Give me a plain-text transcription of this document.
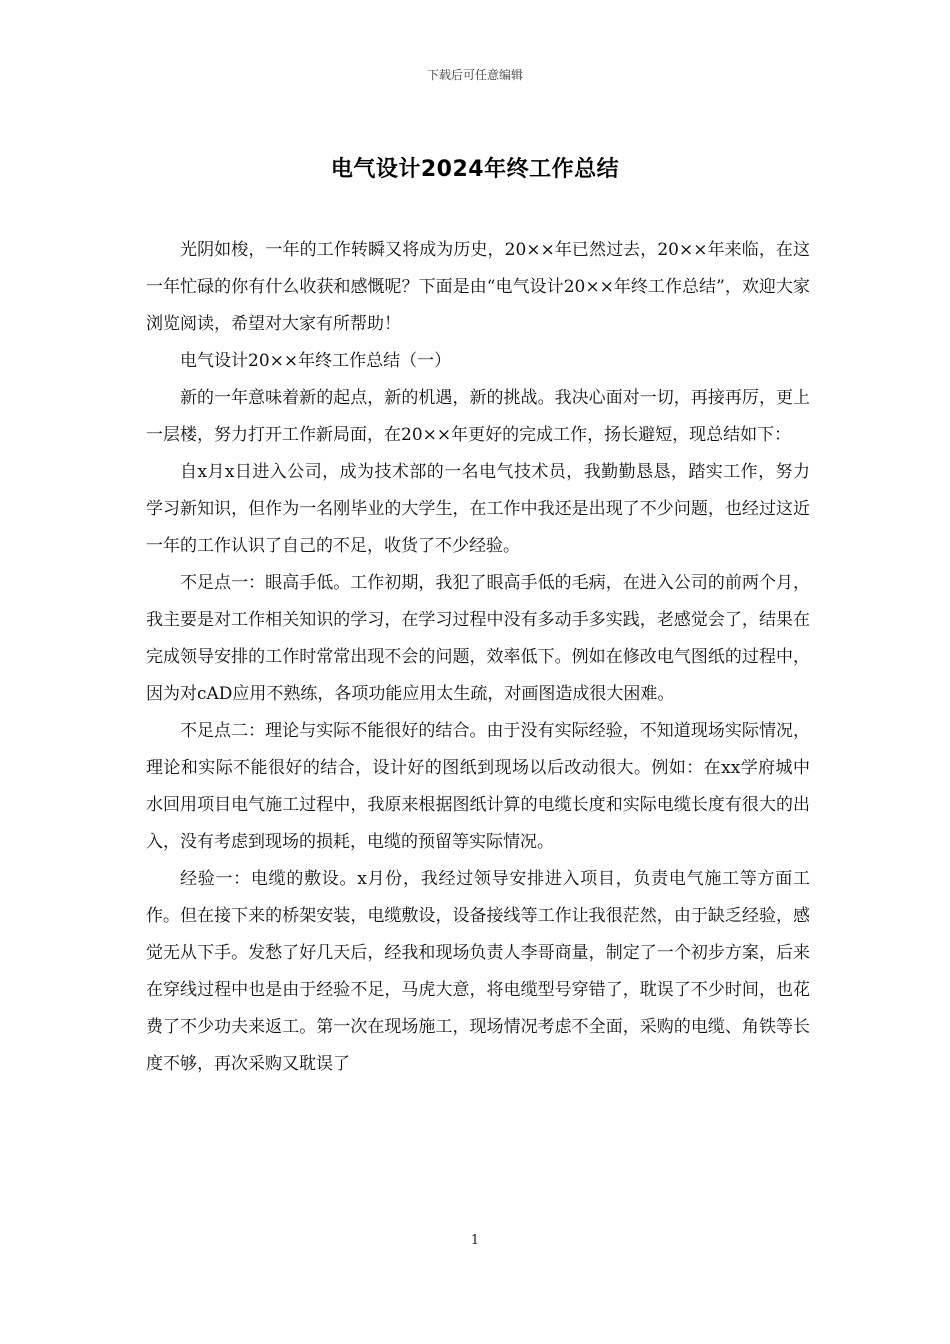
下载后可任意编辑
电气设计2024年终工作总结

光阴如梭，一年的工作转瞬又将成为历史，20××年已然过去，20××年来临，在这一年忙碌的你有什么收获和感慨呢？下面是由“电气设计20××年终工作总结”，欢迎大家浏览阅读，希望对大家有所帮助！

电气设计20××年终工作总结（一）

新的一年意味着新的起点，新的机遇，新的挑战。我决心面对一切，再接再厉，更上一层楼，努力打开工作新局面，在20××年更好的完成工作，扬长避短，现总结如下：

自x月x日进入公司，成为技术部的一名电气技术员，我勤勤恳恳，踏实工作，努力学习新知识，但作为一名刚毕业的大学生，在工作中我还是出现了不少问题，也经过这近一年的工作认识了自己的不足，收货了不少经验。

不足点一：眼高手低。工作初期，我犯了眼高手低的毛病，在进入公司的前两个月，我主要是对工作相关知识的学习，在学习过程中没有多动手多实践，老感觉会了，结果在完成领导安排的工作时常常出现不会的问题，效率低下。例如在修改电气图纸的过程中，因为对cAD应用不熟练，各项功能应用太生疏，对画图造成很大困难。

不足点二：理论与实际不能很好的结合。由于没有实际经验，不知道现场实际情况，理论和实际不能很好的结合，设计好的图纸到现场以后改动很大。例如：在xx学府城中水回用项目电气施工过程中，我原来根据图纸计算的电缆长度和实际电缆长度有很大的出入，没有考虑到现场的损耗，电缆的预留等实际情况。

经验一：电缆的敷设。x月份，我经过领导安排进入项目，负责电气施工等方面工作。但在接下来的桥架安装，电缆敷设，设备接线等工作让我很茫然，由于缺乏经验，感觉无从下手。发愁了好几天后，经我和现场负责人李哥商量，制定了一个初步方案，后来在穿线过程中也是由于经验不足，马虎大意，将电缆型号穿错了，耽误了不少时间，也花费了不少功夫来返工。第一次在现场施工，现场情况考虑不全面，采购的电缆、角铁等长度不够，再次采购又耽误了

1
